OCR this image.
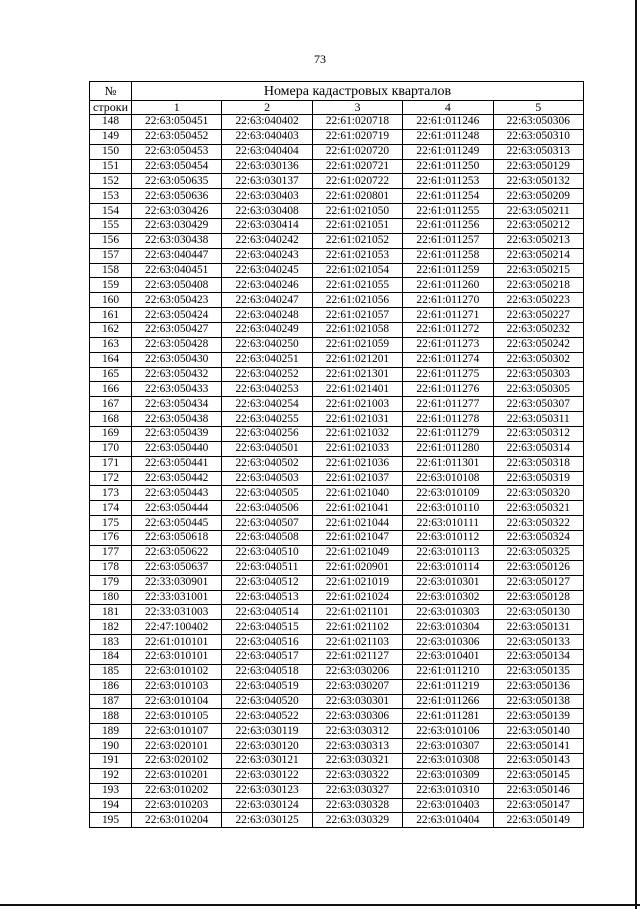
73
№	Номера кадастровых кварталов				
строки	1	2	3	4	5
148	22:63:050451	22:63:040402	22:61:020718	22:61:011246	22:63:050306
149	22:63:050452	22:63:040403	22:61:020719	22:61:011248	22:63:050310
150	22:63:050453	22:63:040404	22:61:020720	22:61:011249	22:63:050313
151	22:63:050454	22:63:030136	22:61:020721	22:61:011250	22:63:050129
152	22:63:050635	22:63:030137	22:61:020722	22:61:011253	22:63:050132
153	22:63:050636	22:63:030403	22:61:020801	22:61:011254	22:63:050209
154	22:63:030426	22:63:030408	22:61:021050	22:61:011255	22:63:050211
155	22:63:030429	22:63:030414	22:61:021051	22:61:011256	22:63:050212
156	22:63:030438	22:63:040242	22:61:021052	22:61:011257	22:63:050213
157	22:63:040447	22:63:040243	22:61:021053	22:61:011258	22:63:050214
158	22:63:040451	22:63:040245	22:61:021054	22:61:011259	22:63:050215
159	22:63:050408	22:63:040246	22:61:021055	22:61:011260	22:63:050218
160	22:63:050423	22:63:040247	22:61:021056	22:61:011270	22:63:050223
161	22:63:050424	22:63:040248	22:61:021057	22:61:011271	22:63:050227
162	22:63:050427	22:63:040249	22:61:021058	22:61:011272	22:63:050232
163	22:63:050428	22:63:040250	22:61:021059	22:61:011273	22:63:050242
164	22:63:050430	22:63:040251	22:61:021201	22:61:011274	22:63:050302
165	22:63:050432	22:63:040252	22:61:021301	22:61:011275	22:63:050303
166	22:63:050433	22:63:040253	22:61:021401	22:61:011276	22:63:050305
167	22:63:050434	22:63:040254	22:61:021003	22:61:011277	22:63:050307
168	22:63:050438	22:63:040255	22:61:021031	22:61:011278	22:63:050311
169	22:63:050439	22:63:040256	22:61:021032	22:61:011279	22:63:050312
170	22:63:050440	22:63:040501	22:61:021033	22:61:011280	22:63:050314
171	22:63:050441	22:63:040502	22:61:021036	22:61:011301	22:63:050318
172	22:63:050442	22:63:040503	22:61:021037	22:63:010108	22:63:050319
173	22:63:050443	22:63:040505	22:61:021040	22:63:010109	22:63:050320
174	22:63:050444	22:63:040506	22:61:021041	22:63:010110	22:63:050321
175	22:63:050445	22:63:040507	22:61:021044	22:63:010111	22:63:050322
176	22:63:050618	22:63:040508	22:61:021047	22:63:010112	22:63:050324
177	22:63:050622	22:63:040510	22:61:021049	22:63:010113	22:63:050325
178	22:63:050637	22:63:040511	22:61:020901	22:63:010114	22:63:050126
179	22:33:030901	22:63:040512	22:61:021019	22:63:010301	22:63:050127
180	22:33:031001	22:63:040513	22:61:021024	22:63:010302	22:63:050128
181	22:33:031003	22:63:040514	22:61:021101	22:63:010303	22:63:050130
182	22:47:100402	22:63:040515	22:61:021102	22:63:010304	22:63:050131
183	22:61:010101	22:63:040516	22:61:021103	22:63:010306	22:63:050133
184	22:63:010101	22:63:040517	22:61:021127	22:63:010401	22:63:050134
185	22:63:010102	22:63:040518	22:63:030206	22:61:011210	22:63:050135
186	22:63:010103	22:63:040519	22:63:030207	22:61:011219	22:63:050136
187	22:63:010104	22:63:040520	22:63:030301	22:61:011266	22:63:050138
188	22:63:010105	22:63:040522	22:63:030306	22:61:011281	22:63:050139
189	22:63:010107	22:63:030119	22:63:030312	22:63:010106	22:63:050140
190	22:63:020101	22:63:030120	22:63:030313	22:63:010307	22:63:050141
191	22:63:020102	22:63:030121	22:63:030321	22:63:010308	22:63:050143
192	22:63:010201	22:63:030122	22:63:030322	22:63:010309	22:63:050145
193	22:63:010202	22:63:030123	22:63:030327	22:63:010310	22:63:050146
194	22:63:010203	22:63:030124	22:63:030328	22:63:010403	22:63:050147
195	22:63:010204	22:63:030125	22:63:030329	22:63:010404	22:63:050149
